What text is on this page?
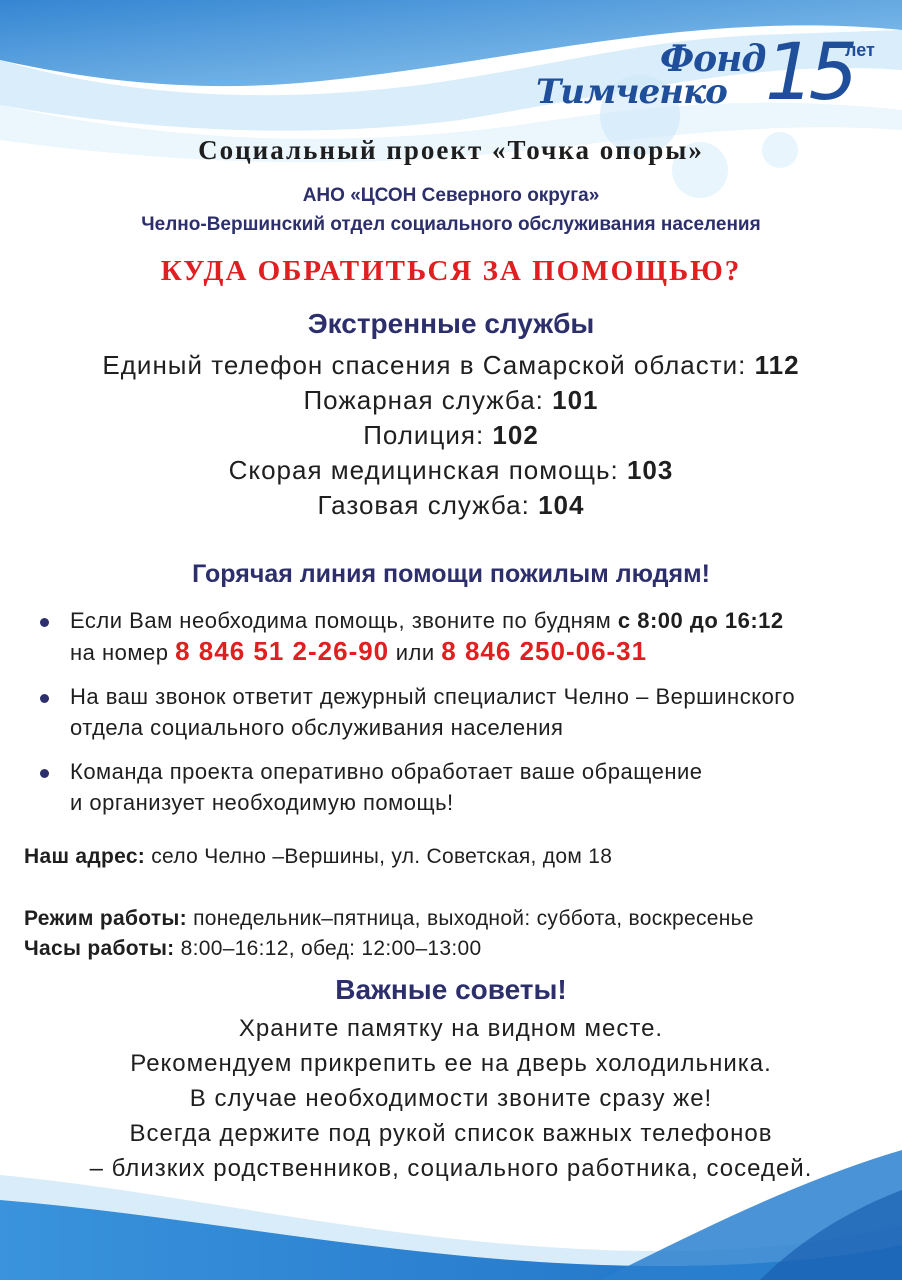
Фонд
Тимченко 15
лет
Социальный проект «Точка опоры»
АНО «ЦСОН Северного округа»
Челно-Вершинский отдел социального обслуживания населения
КУДА ОБРАТИТЬСЯ ЗА ПОМОЩЬЮ?
Экстренные службы
Единый телефон спасения в Самарской области: 112
Пожарная служба: 101
Полиция: 102
Скорая медицинская помощь: 103
Газовая служба: 104
Горячая линия помощи пожилым людям!
Если Вам необходима помощь, звоните по будням с 8:00 до 16:12
на номер 8 846 51 2-26-90 или 8 846 250-06-31
На ваш звонок ответит дежурный специалист Челно – Вершинского
отдела социального обслуживания населения
Команда проекта оперативно обработает ваше обращение
и организует необходимую помощь!
Наш адрес: село Челно –Вершины, ул. Советская, дом 18
Режим работы: понедельник–пятница, выходной: суббота, воскресенье
Часы работы: 8:00–16:12, обед: 12:00–13:00
Важные советы!
Храните памятку на видном месте.
Рекомендуем прикрепить ее на дверь холодильника.
В случае необходимости звоните сразу же!
Всегда держите под рукой список важных телефонов
– близких родственников, социального работника, соседей.
